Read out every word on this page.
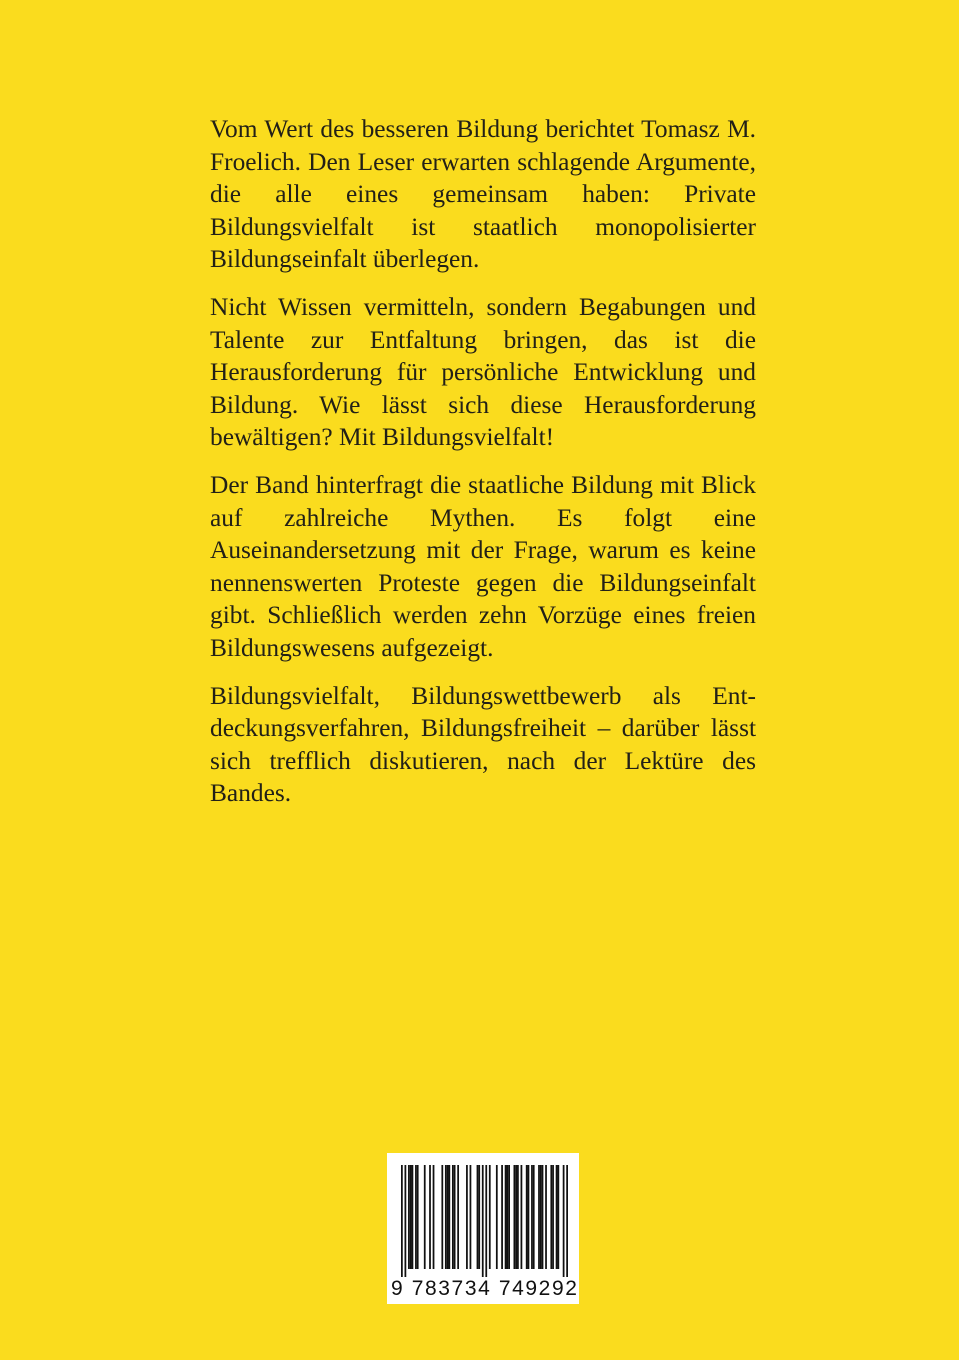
Vom Wert des besseren Bildung berichtet Tomasz M. Froelich. Den Leser erwarten schlagende Argumente, die alle eines gemeinsam haben: Private Bildungsvielfalt ist staatlich monopolisierter Bildungseinfalt überlegen.

Nicht Wissen vermitteln, sondern Begabungen und Talente zur Entfaltung bringen, das ist die Herausforderung für persönliche Entwicklung und Bildung. Wie lässt sich diese Herausforderung bewältigen? Mit Bildungsvielfalt!

Der Band hinterfragt die staatliche Bildung mit Blick auf zahlreiche Mythen. Es folgt eine Auseinandersetzung mit der Frage, warum es keine nennenswerten Proteste gegen die Bildungseinfalt gibt. Schließlich werden zehn Vorzüge eines freien Bildungswesens aufgezeigt.

Bildungsvielfalt, Bildungswettbewerb als Entdeckungsverfahren, Bildungsfreiheit – darüber lässt sich trefflich diskutieren, nach der Lektüre des Bandes.

9 783734 749292
